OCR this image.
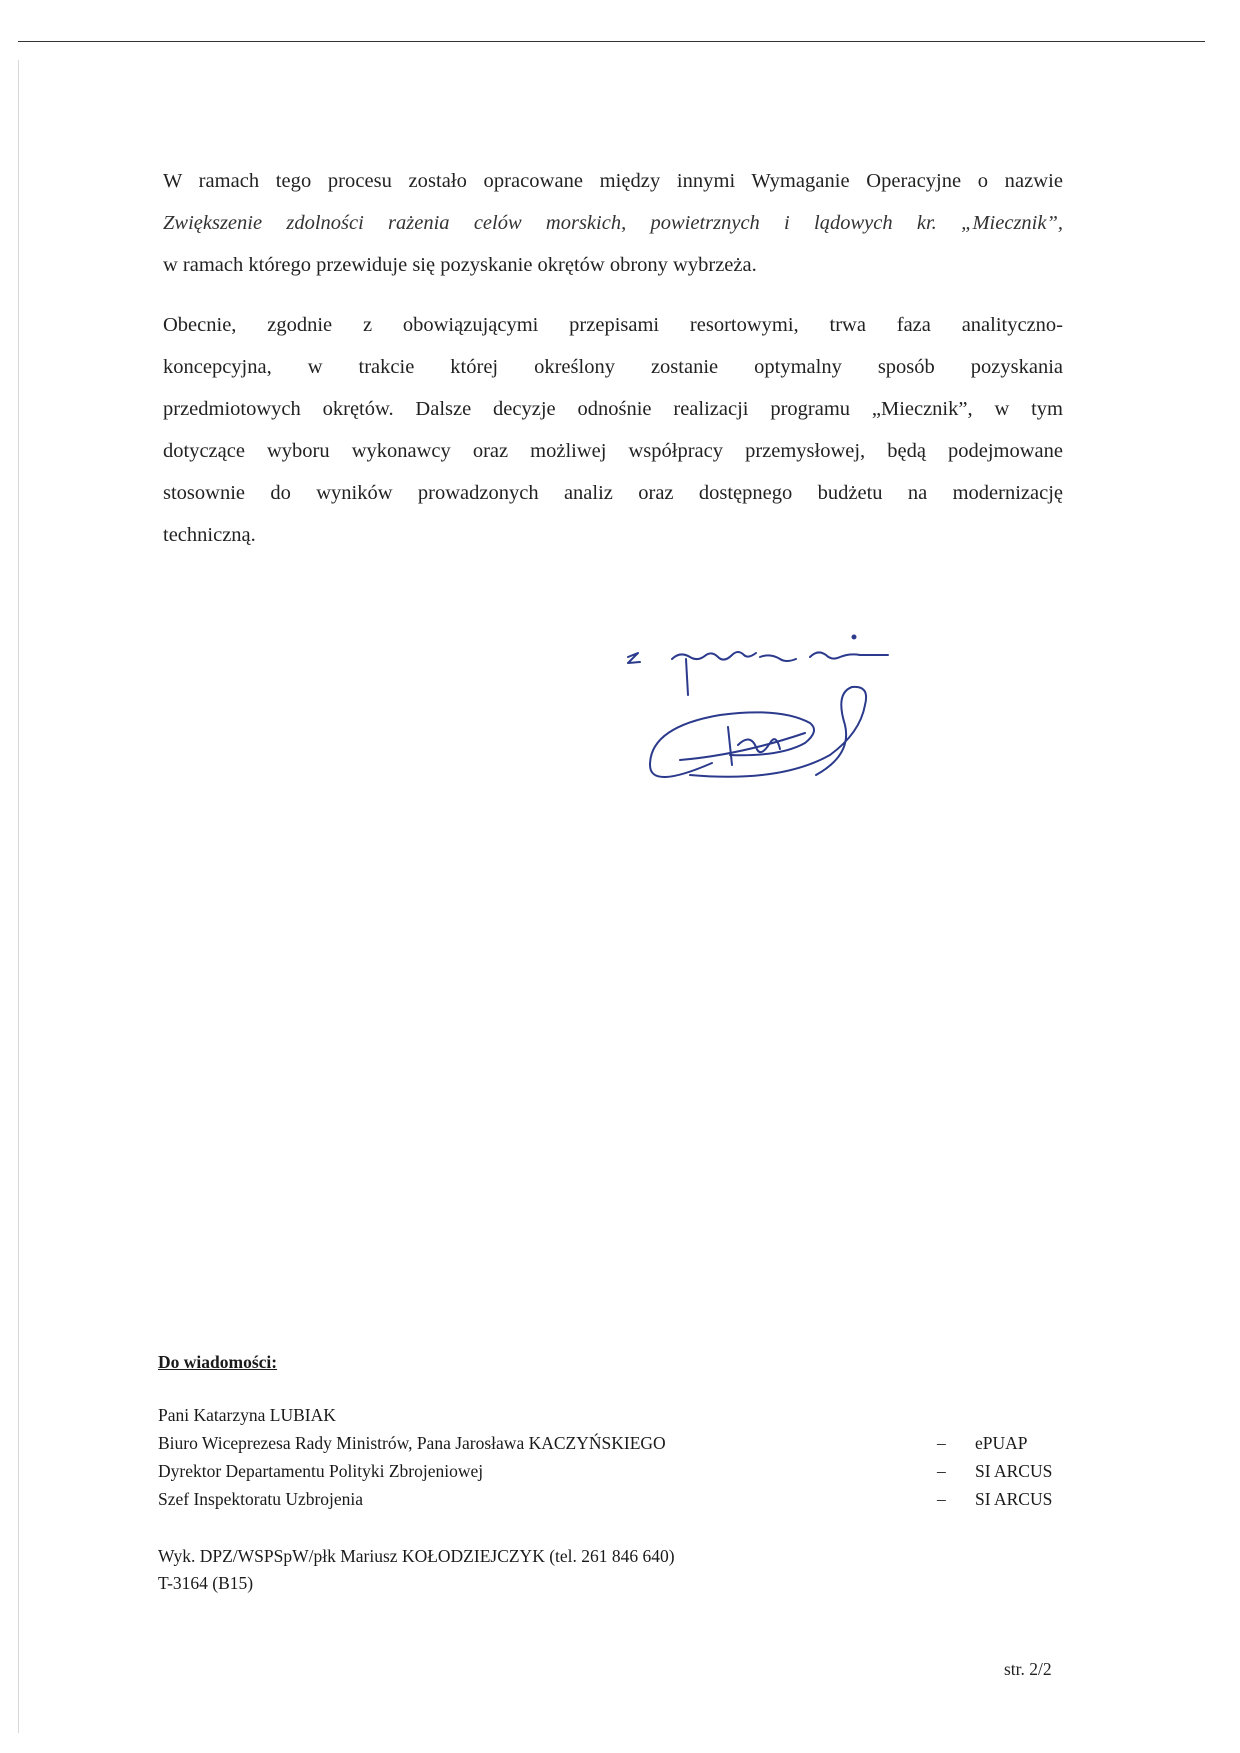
W ramach tego procesu zostało opracowane między innymi Wymaganie Operacyjne o nazwie
Zwiększenie zdolności rażenia celów morskich, powietrznych i lądowych kr. „Miecznik”,
w ramach którego przewiduje się pozyskanie okrętów obrony wybrzeża.
Obecnie, zgodnie z obowiązującymi przepisami resortowymi, trwa faza analityczno-
koncepcyjna, w trakcie której określony zostanie optymalny sposób pozyskania
przedmiotowych okrętów. Dalsze decyzje odnośnie realizacji programu „Miecznik”, w tym
dotyczące wyboru wykonawcy oraz możliwej współpracy przemysłowej, będą podejmowane
stosownie do wyników prowadzonych analiz oraz dostępnego budżetu na modernizację
techniczną.
Do wiadomości:
Pani Katarzyna LUBIAK
Biuro Wiceprezesa Rady Ministrów, Pana Jarosława KACZYŃSKIEGO	–	ePUAP
Dyrektor Departamentu Polityki Zbrojeniowej	–	SI ARCUS
Szef Inspektoratu Uzbrojenia	–	SI ARCUS
Wyk. DPZ/WSPSpW/płk Mariusz KOŁODZIEJCZYK (tel. 261 846 640)
T-3164 (B15)
str. 2/2
